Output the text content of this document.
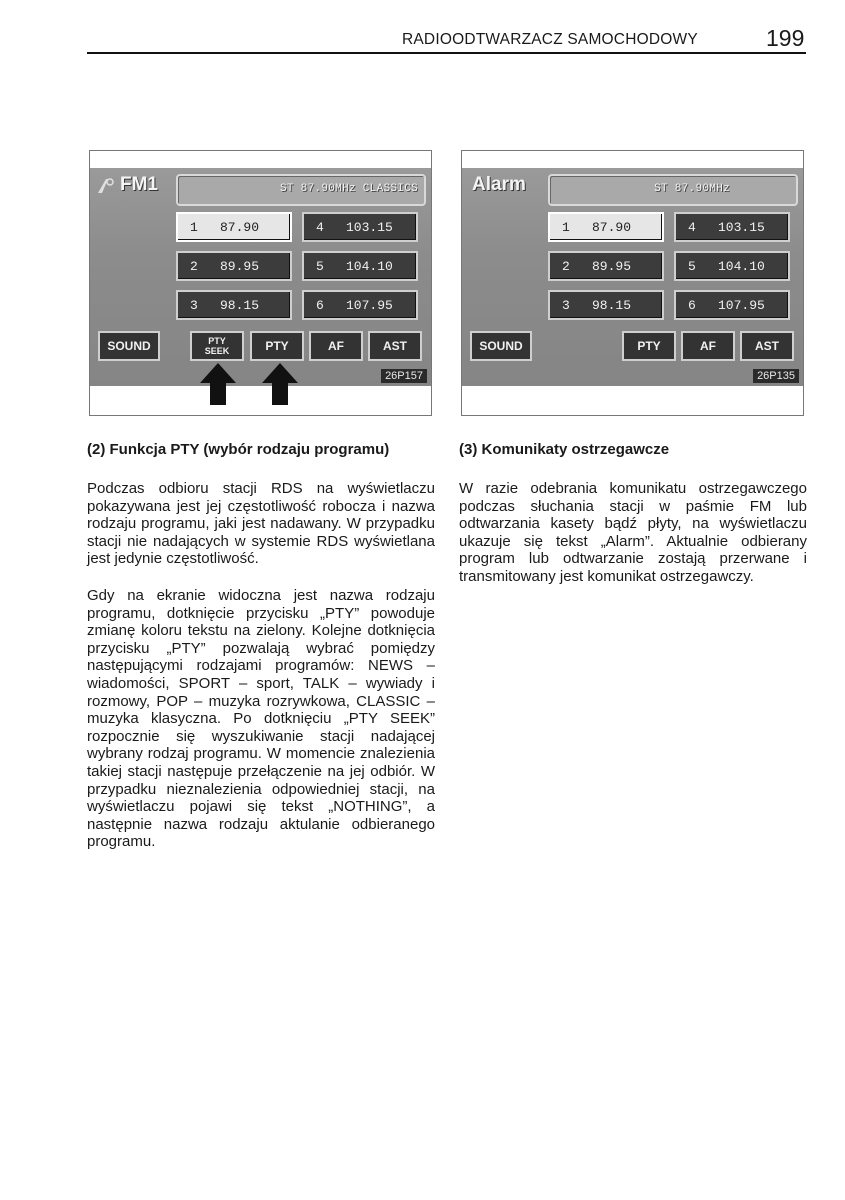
RADIOODTWARZACZ SAMOCHODOWY	199
FM1	ST 87.90MHz CLASSICS
1 87.90	4 103.15
2 89.95	5 104.10
3 98.15	6 107.95
SOUND	PTY
SEEK	PTY	AF	AST
26P157
Alarm	ST 87.90MHz
1 87.90	4 103.15
2 89.95	5 104.10
3 98.15	6 107.95
SOUND	PTY	AF	AST
26P135
(2) Funkcja PTY (wybór rodzaju programu)
Podczas odbioru stacji RDS na wyświetlaczu pokazywana jest jej częstotliwość robocza i nazwa rodzaju programu, jaki jest nadawany. W przypadku stacji nie nadających w systemie RDS wyświetlana jest jedynie częstotliwość.
Gdy na ekranie widoczna jest nazwa rodzaju programu, dotknięcie przycisku „PTY” powoduje zmianę koloru tekstu na zielony. Kolejne dotknięcia przycisku „PTY” pozwalają wybrać pomiędzy następującymi rodzajami programów: NEWS – wiadomości, SPORT – sport, TALK – wywiady i rozmowy, POP – muzyka rozrywkowa, CLASSIC – muzyka klasyczna. Po dotknięciu „PTY SEEK” rozpocznie się wyszukiwanie stacji nadającej wybrany rodzaj programu. W momencie znalezienia takiej stacji następuje przełączenie na jej odbiór. W przypadku nieznalezienia odpowiedniej stacji, na wyświetlaczu pojawi się tekst „NOTHING”, a następnie nazwa rodzaju aktulanie odbieranego programu.
(3) Komunikaty ostrzegawcze
W razie odebrania komunikatu ostrzegawczego podczas słuchania stacji w paśmie FM lub odtwarzania kasety bądź płyty, na wyświetlaczu ukazuje się tekst „Alarm”. Aktualnie odbierany program lub odtwarzanie zostają przerwane i transmitowany jest komunikat ostrzegawczy.
